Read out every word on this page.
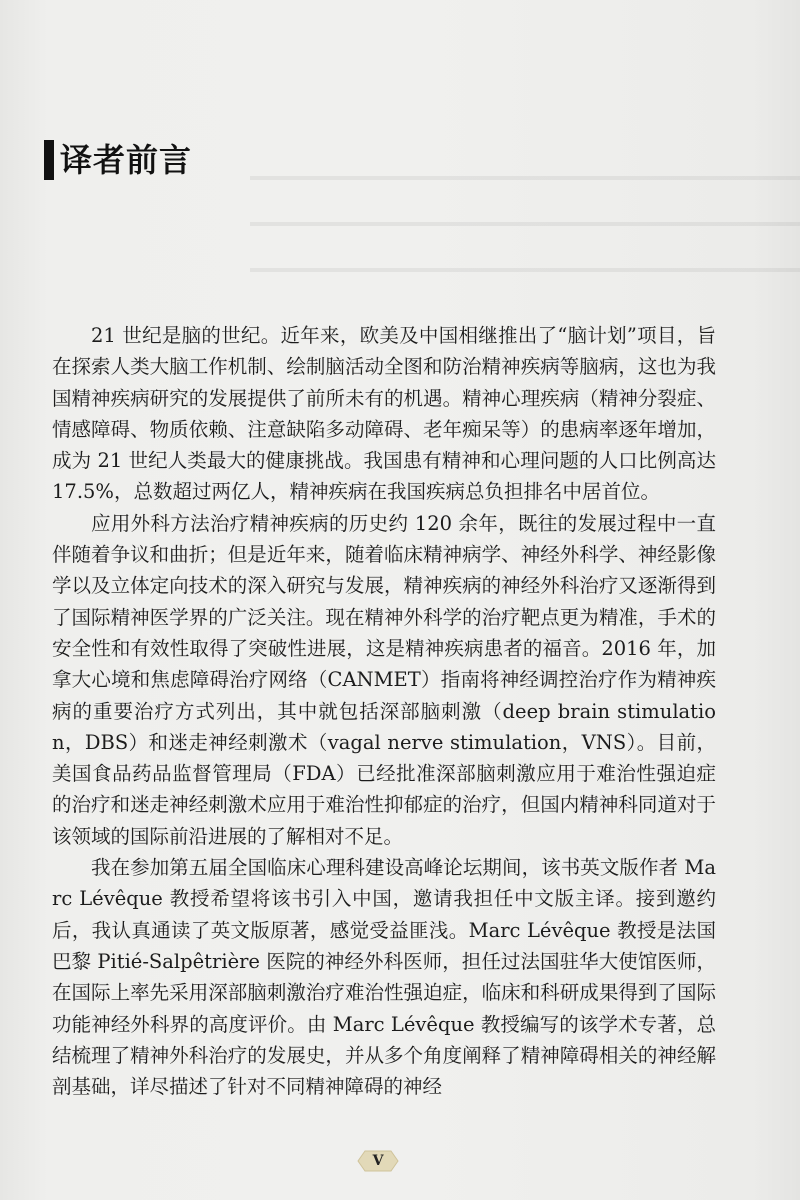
译者前言

21 世纪是脑的世纪。近年来，欧美及中国相继推出了“脑计划”项目，旨在探索人类大脑工作机制、绘制脑活动全图和防治精神疾病等脑病，这也为我国精神疾病研究的发展提供了前所未有的机遇。精神心理疾病（精神分裂症、情感障碍、物质依赖、注意缺陷多动障碍、老年痴呆等）的患病率逐年增加，成为 21 世纪人类最大的健康挑战。我国患有精神和心理问题的人口比例高达 17.5%，总数超过两亿人，精神疾病在我国疾病总负担排名中居首位。

应用外科方法治疗精神疾病的历史约 120 余年，既往的发展过程中一直伴随着争议和曲折；但是近年来，随着临床精神病学、神经外科学、神经影像学以及立体定向技术的深入研究与发展，精神疾病的神经外科治疗又逐渐得到了国际精神医学界的广泛关注。现在精神外科学的治疗靶点更为精准，手术的安全性和有效性取得了突破性进展，这是精神疾病患者的福音。2016 年，加拿大心境和焦虑障碍治疗网络（CANMET）指南将神经调控治疗作为精神疾病的重要治疗方式列出，其中就包括深部脑刺激（deep brain stimulation，DBS）和迷走神经刺激术（vagal nerve stimulation，VNS）。目前，美国食品药品监督管理局（FDA）已经批准深部脑刺激应用于难治性强迫症的治疗和迷走神经刺激术应用于难治性抑郁症的治疗，但国内精神科同道对于该领域的国际前沿进展的了解相对不足。

我在参加第五届全国临床心理科建设高峰论坛期间，该书英文版作者 Marc Lévêque 教授希望将该书引入中国，邀请我担任中文版主译。接到邀约后，我认真通读了英文版原著，感觉受益匪浅。Marc Lévêque 教授是法国巴黎 Pitié-Salpêtrière 医院的神经外科医师，担任过法国驻华大使馆医师，在国际上率先采用深部脑刺激治疗难治性强迫症，临床和科研成果得到了国际功能神经外科界的高度评价。由 Marc Lévêque 教授编写的该学术专著，总结梳理了精神外科治疗的发展史，并从多个角度阐释了精神障碍相关的神经解剖基础，详尽描述了针对不同精神障碍的神经

V
